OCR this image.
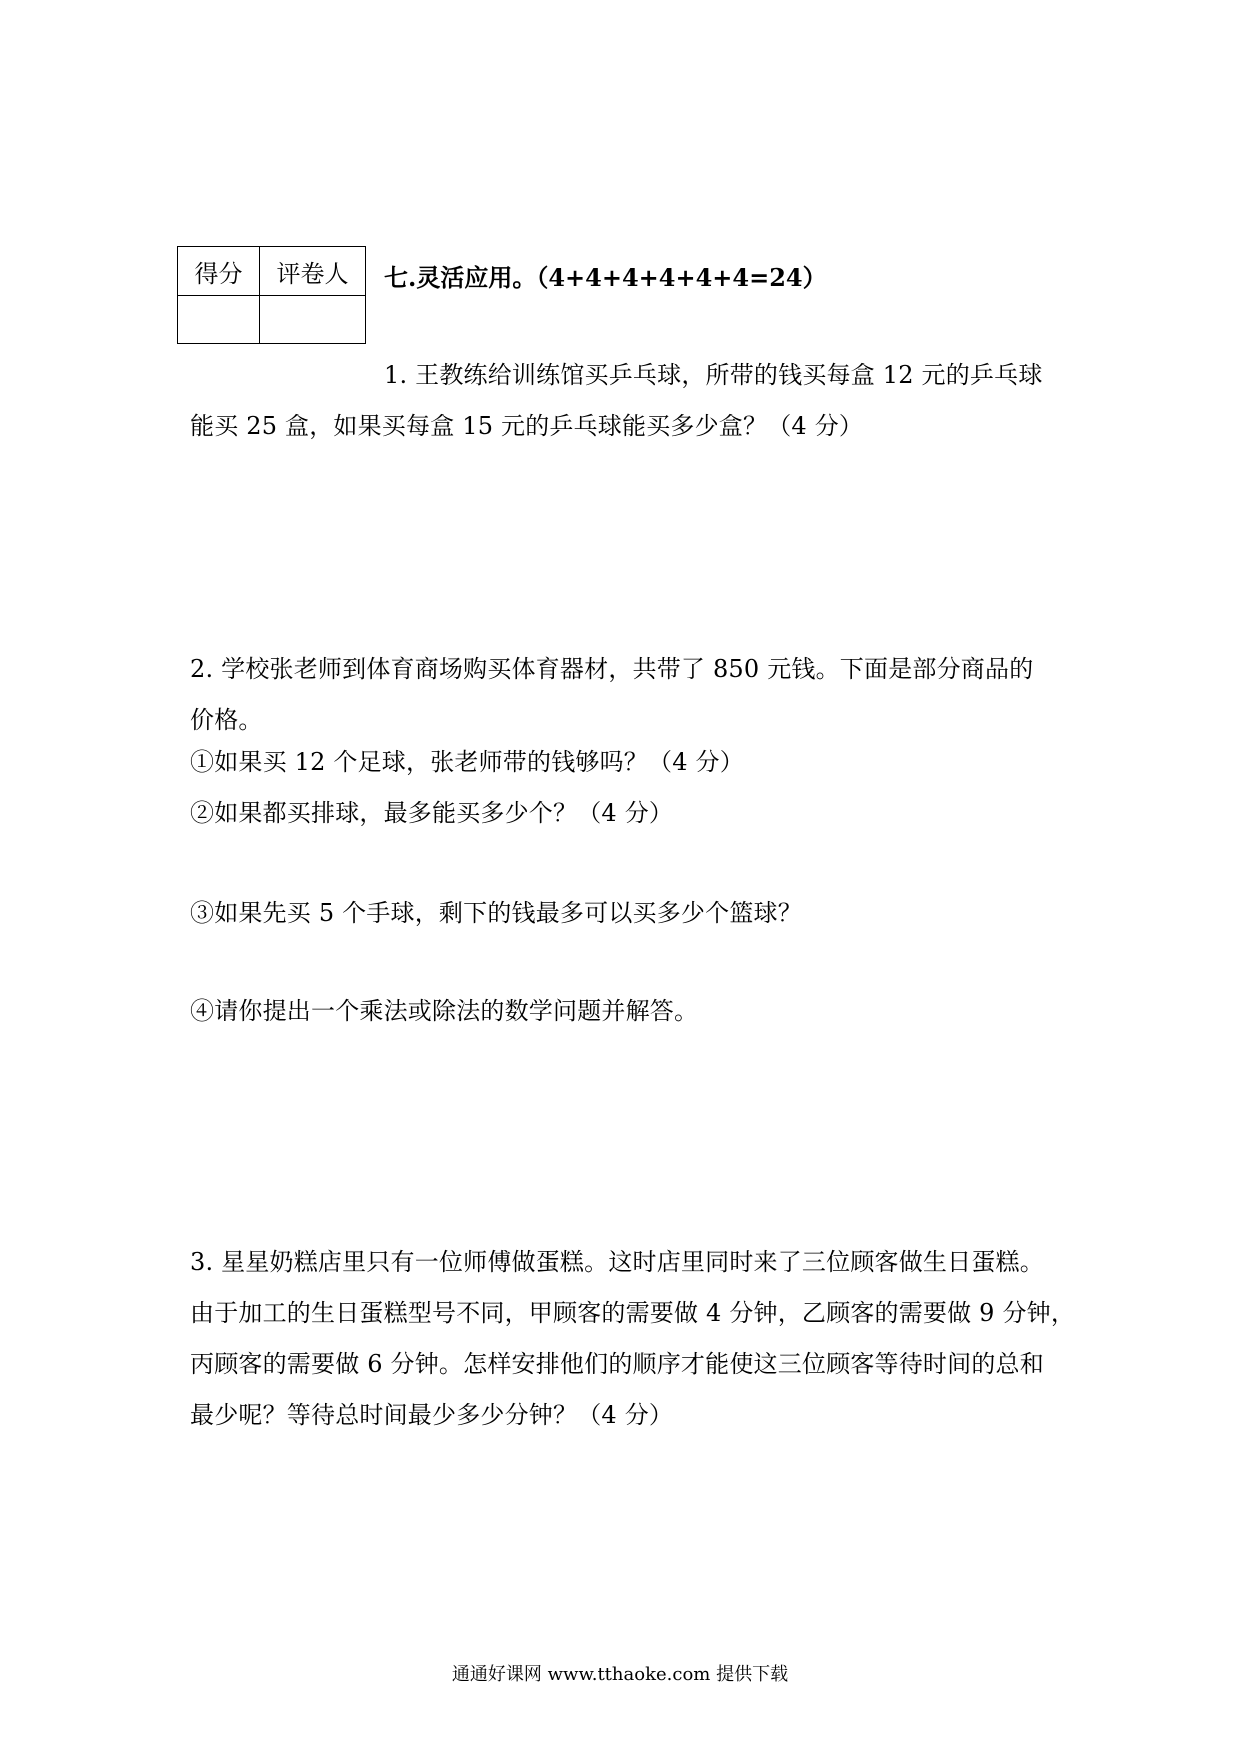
得分	评卷人
	七.灵活应用。（4+4+4+4+4+4=24）
1. 王教练给训练馆买乒乓球，所带的钱买每盒 12 元的乒乓球
能买 25 盒，如果买每盒 15 元的乒乓球能买多少盒？（4 分）
2. 学校张老师到体育商场购买体育器材，共带了 850 元钱。下面是部分商品的
价格。
①如果买 12 个足球，张老师带的钱够吗？（4 分）
②如果都买排球，最多能买多少个？（4 分）
③如果先买 5 个手球，剩下的钱最多可以买多少个篮球？
④请你提出一个乘法或除法的数学问题并解答。
3. 星星奶糕店里只有一位师傅做蛋糕。这时店里同时来了三位顾客做生日蛋糕。
由于加工的生日蛋糕型号不同，甲顾客的需要做 4 分钟，乙顾客的需要做 9 分钟，
丙顾客的需要做 6 分钟。怎样安排他们的顺序才能使这三位顾客等待时间的总和
最少呢？等待总时间最少多少分钟？（4 分）
通通好课网 www.tthaoke.com 提供下载
